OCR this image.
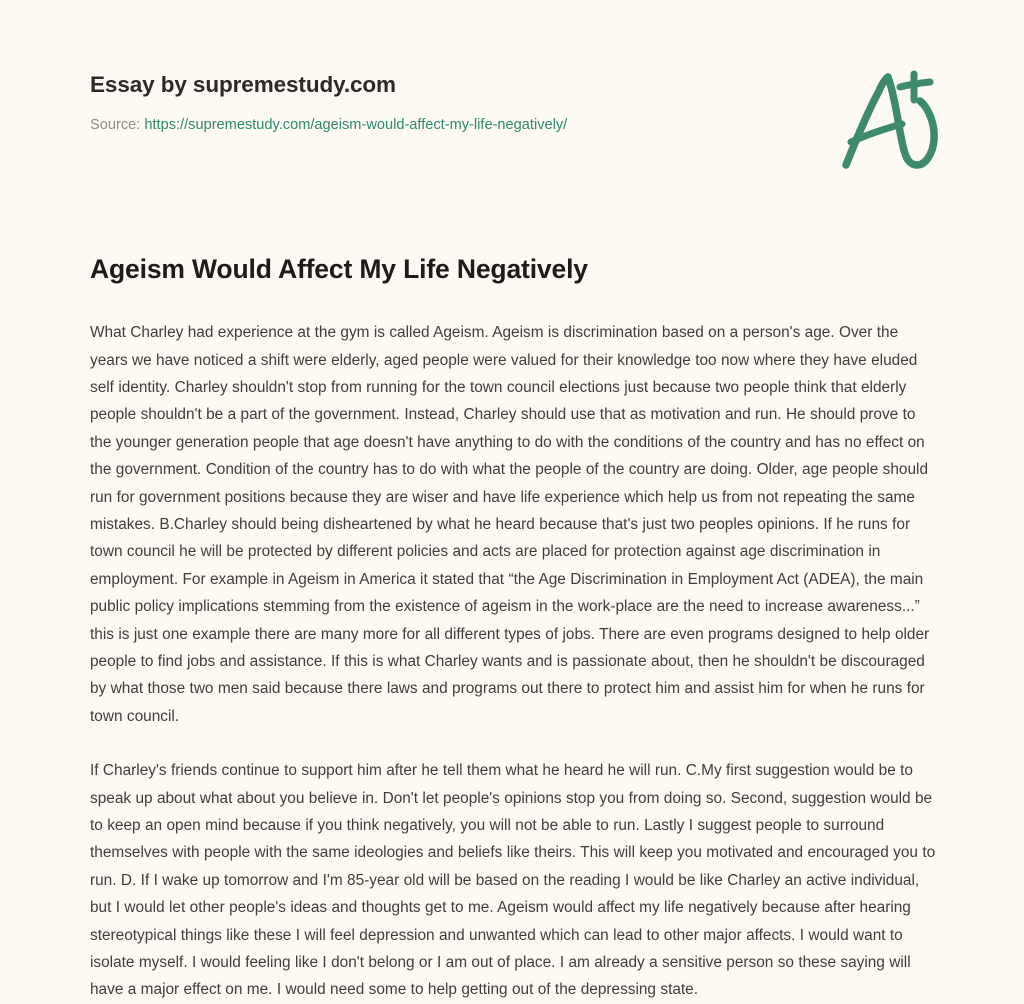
Essay by supremestudy.com
Source: https://supremestudy.com/ageism-would-affect-my-life-negatively/
Ageism Would Affect My Life Negatively

What Charley had experience at the gym is called Ageism. Ageism is discrimination based on a person's age. Over the years we have noticed a shift were elderly, aged people were valued for their knowledge too now where they have eluded self identity. Charley shouldn't stop from running for the town council elections just because two people think that elderly people shouldn't be a part of the government. Instead, Charley should use that as motivation and run. He should prove to the younger generation people that age doesn't have anything to do with the conditions of the country and has no effect on the government. Condition of the country has to do with what the people of the country are doing. Older, age people should run for government positions because they are wiser and have life experience which help us from not repeating the same mistakes. B.Charley should being disheartened by what he heard because that's just two peoples opinions. If he runs for town council he will be protected by different policies and acts are placed for protection against age discrimination in employment. For example in Ageism in America it stated that “the Age Discrimination in Employment Act (ADEA), the main public policy implications stemming from the existence of ageism in the work-place are the need to increase awareness...” this is just one example there are many more for all different types of jobs. There are even programs designed to help older people to find jobs and assistance. If this is what Charley wants and is passionate about, then he shouldn't be discouraged by what those two men said because there laws and programs out there to protect him and assist him for when he runs for town council.

If Charley's friends continue to support him after he tell them what he heard he will run. C.My first suggestion would be to speak up about what about you believe in. Don't let people's opinions stop you from doing so. Second, suggestion would be to keep an open mind because if you think negatively, you will not be able to run. Lastly I suggest people to surround themselves with people with the same ideologies and beliefs like theirs. This will keep you motivated and encouraged you to run. D. If I wake up tomorrow and I'm 85-year old will be based on the reading I would be like Charley an active individual, but I would let other people's ideas and thoughts get to me. Ageism would affect my life negatively because after hearing stereotypical things like these I will feel depression and unwanted which can lead to other major affects. I would want to isolate myself. I would feeling like I don't belong or I am out of place. I am already a sensitive person so these saying will have a major effect on me. I would need some to help getting out of the depressing state.
